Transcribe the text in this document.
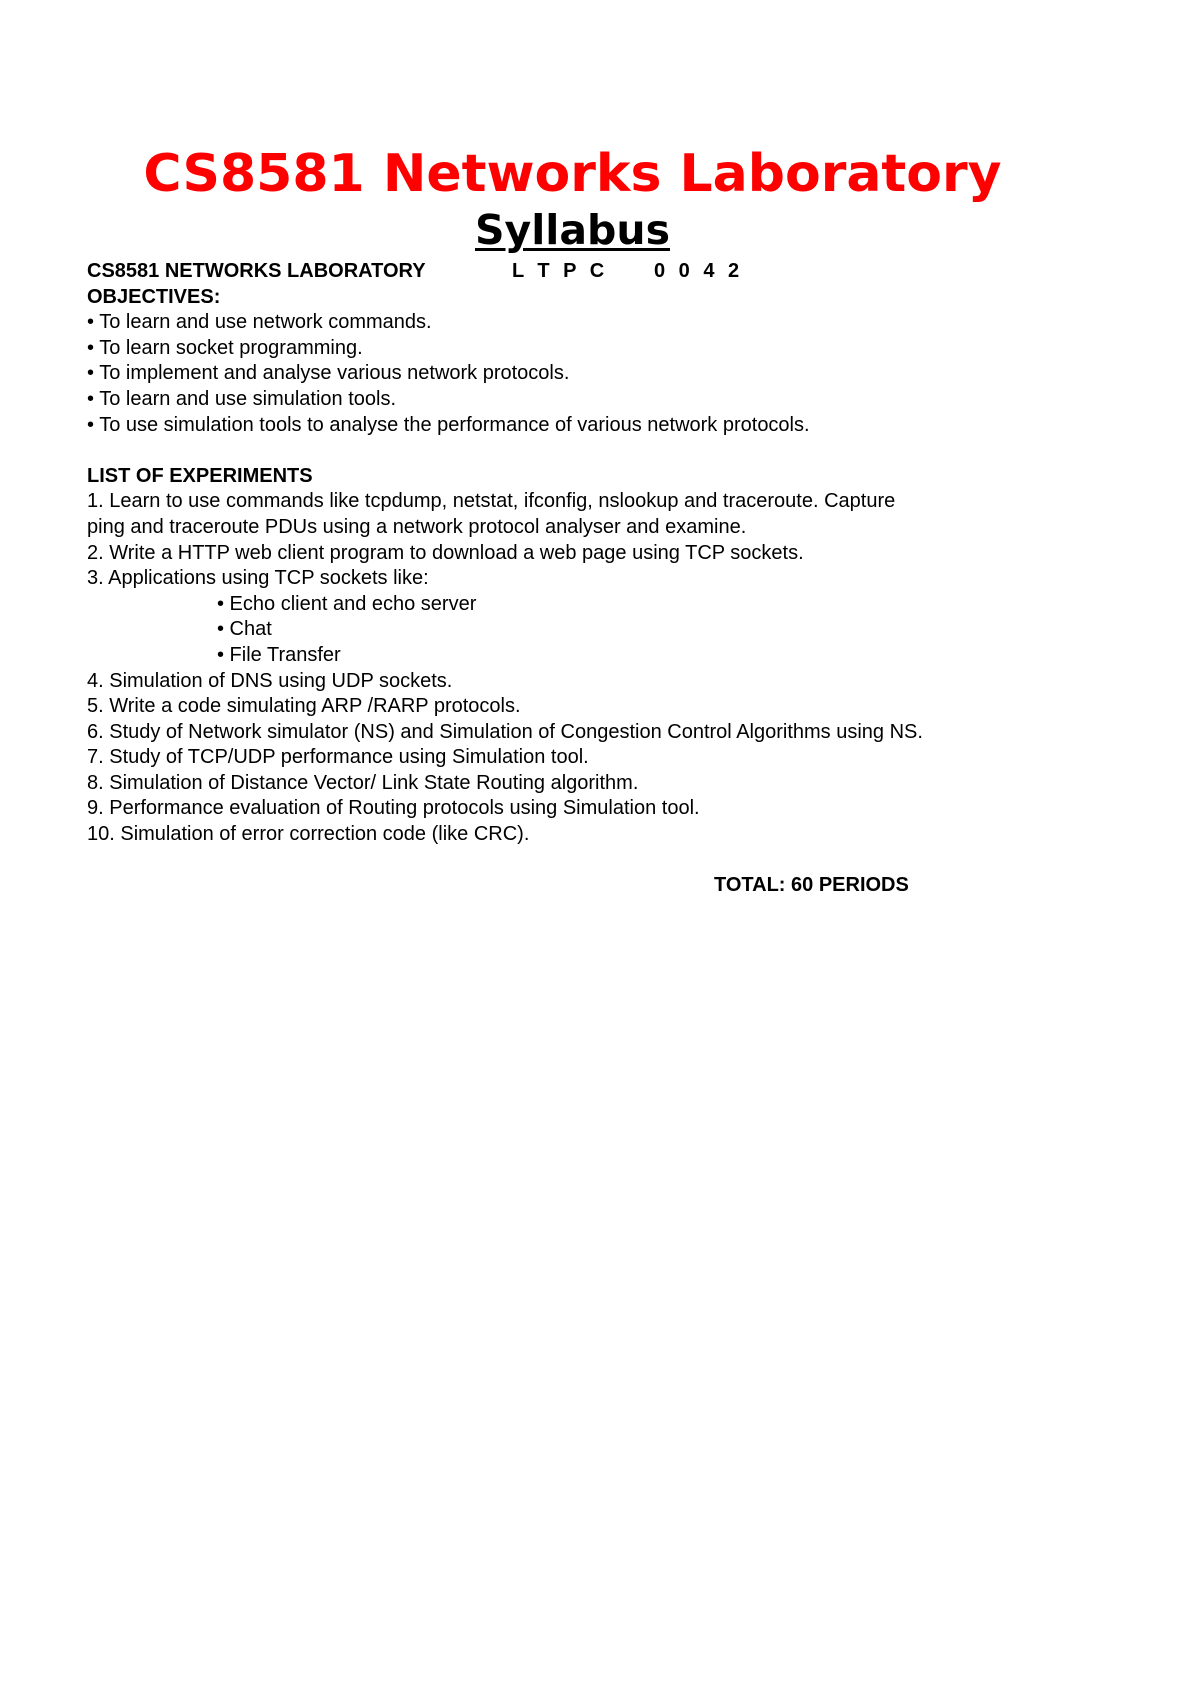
CS8581 Networks Laboratory
Syllabus
CS8581 NETWORKS LABORATORY	L T P C 0 0 4 2
OBJECTIVES:
• To learn and use network commands.
• To learn socket programming.
• To implement and analyse various network protocols.
• To learn and use simulation tools.
• To use simulation tools to analyse the performance of various network protocols.
LIST OF EXPERIMENTS
1. Learn to use commands like tcpdump, netstat, ifconfig, nslookup and traceroute. Capture
ping and traceroute PDUs using a network protocol analyser and examine.
2. Write a HTTP web client program to download a web page using TCP sockets.
3. Applications using TCP sockets like:
• Echo client and echo server
• Chat
• File Transfer
4. Simulation of DNS using UDP sockets.
5. Write a code simulating ARP /RARP protocols.
6. Study of Network simulator (NS) and Simulation of Congestion Control Algorithms using NS.
7. Study of TCP/UDP performance using Simulation tool.
8. Simulation of Distance Vector/ Link State Routing algorithm.
9. Performance evaluation of Routing protocols using Simulation tool.
10. Simulation of error correction code (like CRC).
TOTAL: 60 PERIODS
